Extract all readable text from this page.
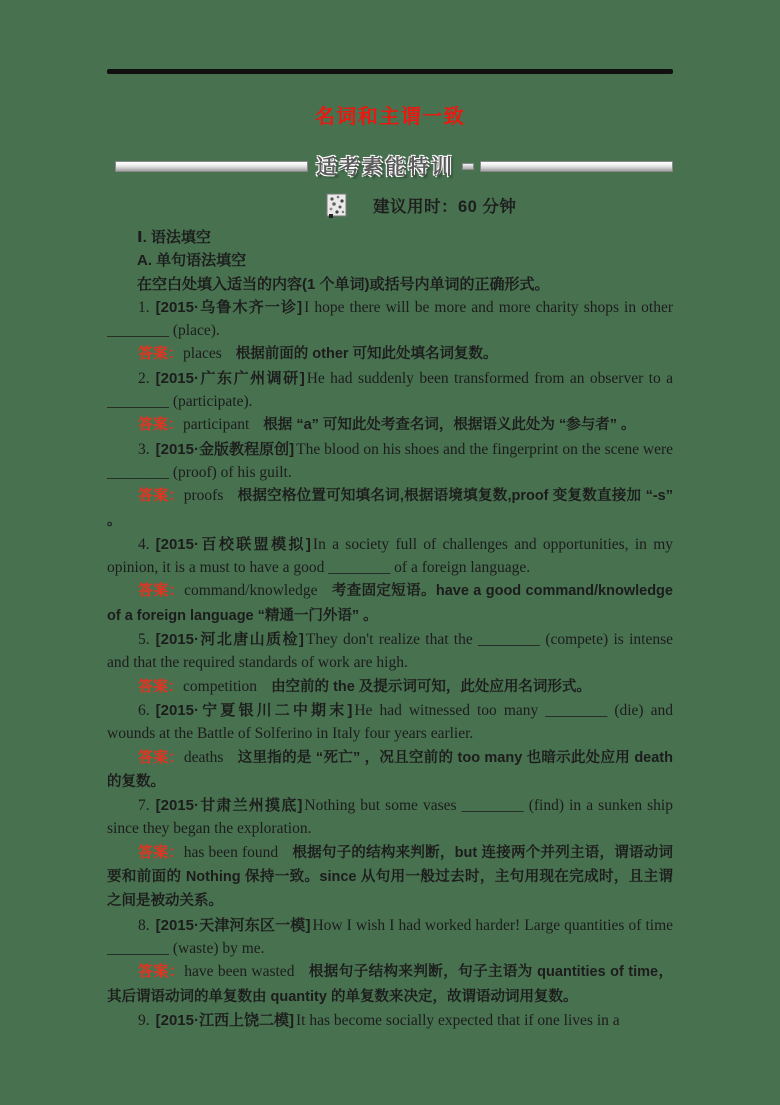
名词和主谓一致
适考素能特训
建议用时：60 分钟

Ⅰ. 语法填空

A. 单句语法填空

在空白处填入适当的内容(1 个单词)或括号内单词的正确形式。

1. [2015·乌鲁木齐一诊] I hope there will be more and more charity shops in other ________ (place).

答案：places 根据前面的 other 可知此处填名词复数。

2. [2015·广东广州调研] He had suddenly been transformed from an observer to a ________ (participate).

答案：participant 根据 “a” 可知此处考查名词，根据语义此处为 “参与者” 。

3. [2015·金版教程原创] The blood on his shoes and the fingerprint on the scene were ________ (proof) of his guilt.

答案：proofs 根据空格位置可知填名词,根据语境填复数,proof 变复数直接加 “-s” 。

4. [2015·百校联盟模拟] In a society full of challenges and opportunities, in my opinion, it is a must to have a good ________ of a foreign language.

答案：command/knowledge 考查固定短语。have a good command/knowledge of a foreign language “精通一门外语” 。

5. [2015·河北唐山质检] They don't realize that the ________ (compete) is intense and that the required standards of work are high.

答案：competition 由空前的 the 及提示词可知，此处应用名词形式。

6. [2015·宁夏银川二中期末] He had witnessed too many ________ (die) and wounds at the Battle of Solferino in Italy four years earlier.

答案：deaths 这里指的是 “死亡” ，况且空前的 too many 也暗示此处应用 death 的复数。

7. [2015·甘肃兰州摸底] Nothing but some vases ________ (find) in a sunken ship since they began the exploration.

答案：has been found 根据句子的结构来判断，but 连接两个并列主语，谓语动词要和前面的 Nothing 保持一致。since 从句用一般过去时，主句用现在完成时，且主谓之间是被动关系。

8. [2015·天津河东区一模] How I wish I had worked harder! Large quantities of time ________ (waste) by me.

答案：have been wasted 根据句子结构来判断，句子主语为 quantities of time，其后谓语动词的单复数由 quantity 的单复数来决定，故谓语动词用复数。

9. [2015·江西上饶二模] It has become socially expected that if one lives in a
